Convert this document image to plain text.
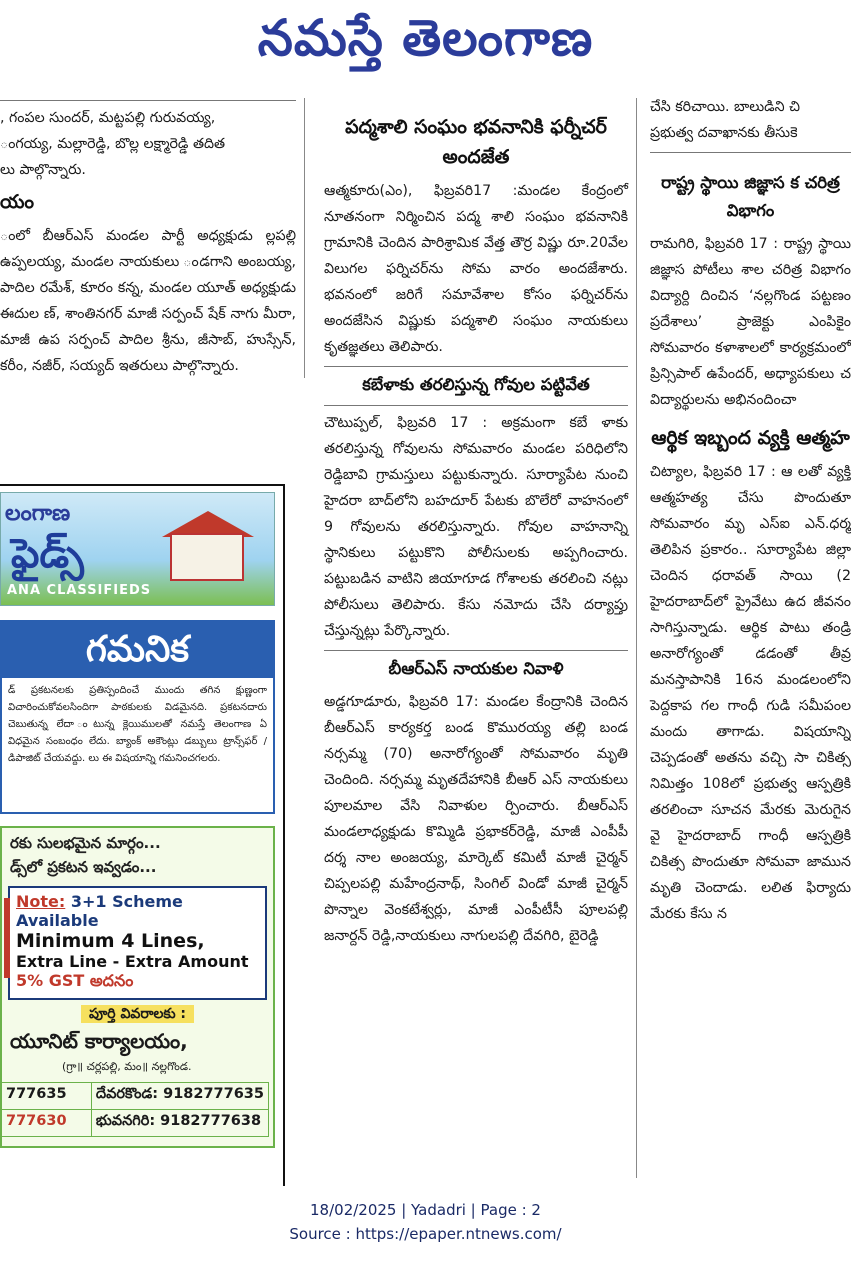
నమస్తే తెలంగాణ

, గంపల సుందర్, మట్టపల్లి గురువయ్య,

ంగయ్య, మల్లారెడ్డి, బొల్ల లక్ష్మారెడ్డి తదిత

లు పాల్గొన్నారు.

యం

ంలో బీఆర్‌ఎస్ మండల పార్టీ అధ్యక్షుడు ల్లపల్లి ఉప్పలయ్య, మండల నాయకులు ండగాని అంబయ్య, పాదిల రమేశ్, కూరం కన్న, మండల యూత్ అధ్యక్షుడు ఈదుల ణ్, శాంతినగర్ మాజీ సర్పంచ్ షేక్ నాగు మీరా, మాజీ ఉప సర్పంచ్ పాదిల శ్రీను, జీసాబ్, హుస్సేన్, కరీం, నజీర్, సయ్యద్ ఇతరులు పాల్గొన్నారు.

లంగాణ
ఫైడ్స్
ANA CLASSIFIEDS
గమనిక
డ్ ప్రకటనలకు ప్రతిస్పందించే ముందు తగిన క్షుణ్ణంగా విచారించుకోవలసిందిగా పాఠకులకు విడమైనది. ప్రకటనదారు చెబుతున్న లేదా ంటున్న క్లెయిములతో నమస్తే తెలంగాణ ఏ విధమైన సంబంధం లేదు. బ్యాంక్ అకౌంట్లు డబ్బులు ట్రాన్స్‌ఫర్ / డిపాజిట్ చేయవద్దు. లు ఈ విషయాన్ని గమనించగలరు.
రకు సులభమైన మార్గం...
డ్స్‌లో ప్రకటన ఇవ్వడం...
Note: 3+1 Scheme Available
Minimum 4 Lines,
Extra Line - Extra Amount
5% GST అదనం
పూర్తి వివరాలకు :
యూనిట్ కార్యాలయం,
(గ్రా॥ చర్లపల్లి, మం॥ నల్లగొండ.
777635	దేవరకొండ: 9182777635
777630	భువనగిరి: 9182777638
పద్మశాలి సంఘం భవనానికి ఫర్నీచర్ అందజేత

ఆత్మకూరు(ఎం), ఫిబ్రవరి17 :మండల కేంద్రంలో నూతనంగా నిర్మించిన పద్మ శాలి సంఘం భవనానికి గ్రామానికి చెందిన పారిశ్రామిక వేత్త తౌర్ర విష్ణు రూ.20వేల విలుగల ఫర్నిచర్‌ను సోమ వారం అందజేశారు. భవనంలో జరిగే సమావేశాల కోసం ఫర్నిచర్‌ను అందజేసిన విష్ణుకు పద్మశాలి సంఘం నాయకులు కృతజ్ఞతలు తెలిపారు.

కబేళాకు తరలిస్తున్న గోవుల పట్టివేత

చౌటుప్పల్, ఫిబ్రవరి 17 : అక్రమంగా కబే ళాకు తరలిస్తున్న గోవులను సోమవారం మండల పరిధిలోని రెడ్డిబావి గ్రామస్తులు పట్టుకున్నారు. సూర్యాపేట నుంచి హైదరా బాద్‌లోని బహదూర్ పేటకు బొలేరో వాహనంలో 9 గోవులను తరలిస్తున్నారు. గోవుల వాహనాన్ని స్థానికులు పట్టుకొని పోలీసులకు అప్పగించారు. పట్టుబడిన వాటిని జియాగూడ గోశాలకు తరలించి నట్లు పోలీసులు తెలిపారు. కేసు నమోదు చేసి దర్యాప్తు చేస్తున్నట్లు పేర్కొన్నారు.

బీఆర్‌ఎస్ నాయకుల నివాళి

అడ్డగూడూరు, ఫిబ్రవరి 17: మండల కేంద్రానికి చెందిన బీఆర్‌ఎస్ కార్యకర్త బండ కొమురయ్య తల్లి బండ నర్సమ్మ (70) అనారోగ్యంతో సోమవారం మృతి చెందింది. నర్సమ్మ మృతదేహానికి బీఆర్ ఎస్ నాయకులు పూలమాల వేసి నివాళుల ర్పించారు. బీఆర్‌ఎస్ మండలాధ్యక్షుడు కొమ్మిడి ప్రభాకర్‌రెడ్డి, మాజీ ఎంపీపీ దర్శ నాల అంజయ్య, మార్కెట్ కమిటీ మాజీ చైర్మన్ చిప్పలపల్లి మహేంద్రనాథ్, సింగిల్ విండో మాజీ చైర్మన్ పొన్నాల వెంకటేశ్వర్లు, మాజీ ఎంపీటీసీ పూలపల్లి జనార్దన్ రెడ్డి,నాయకులు నాగులపల్లి దేవగిరి, బైరెడ్డి

చేసి కరిచాయి. బాలుడిని చి

ప్రభుత్వ దవాఖానకు తీసుకె

రాష్ట్ర స్థాయి జిజ్ఞాస క చరిత్ర విభాగం

రామగిరి, ఫిబ్రవరి 17 : రాష్ట్ర స్థాయి జిజ్ఞాస పోటీలు శాల చరిత్ర విభాగం విద్యార్ది దించిన ‘నల్లగొండ పట్టణం ప్రదేశాలు’ ప్రాజెక్టు ఎంపికైం సోమవారం కళాశాలలో కార్యక్రమంలో ప్రిన్సిపాల్ ఉపేందర్, అధ్యాపకులు చ విద్యార్థులను అభినందించా

ఆర్థిక ఇబ్బంద వ్యక్తి ఆత్మహ

చిట్యాల, ఫిబ్రవరి 17 : ఆ లతో వ్యక్తి ఆత్మహత్య చేసు పొందుతూ సోమవారం మృ ఎస్ఐ ఎన్.ధర్మ తెలిపిన ప్రకారం.. సూర్యాపేట జిల్లా చెందిన ధరావత్ సాయి (2 హైదరాబాద్‌లో ప్రైవేటు ఉద జీవనం సాగిస్తున్నాడు. ఆర్థిక పాటు తండ్రి అనారోగ్యంతో డడంతో తీవ్ర మనస్తాపానికి 16న మండలంలోని పెద్దకాప గల గాంధీ గుడి సమీపంల మందు తాగాడు. విషయాన్ని చెప్పడంతో అతను వచ్చి సా చికిత్స నిమిత్తం 108లో ప్రభుత్వ ఆస్పత్రికి తరలించా సూచన మేరకు మెరుగైన వై హైదరాబాద్ గాంధీ ఆస్పత్రికి చికిత్స పొందుతూ సోమవా జామున మృతి చెందాడు. లలిత ఫిర్యాదు మేరకు కేసు న

18/02/2025 | Yadadri | Page : 2
Source : https://epaper.ntnews.com/
